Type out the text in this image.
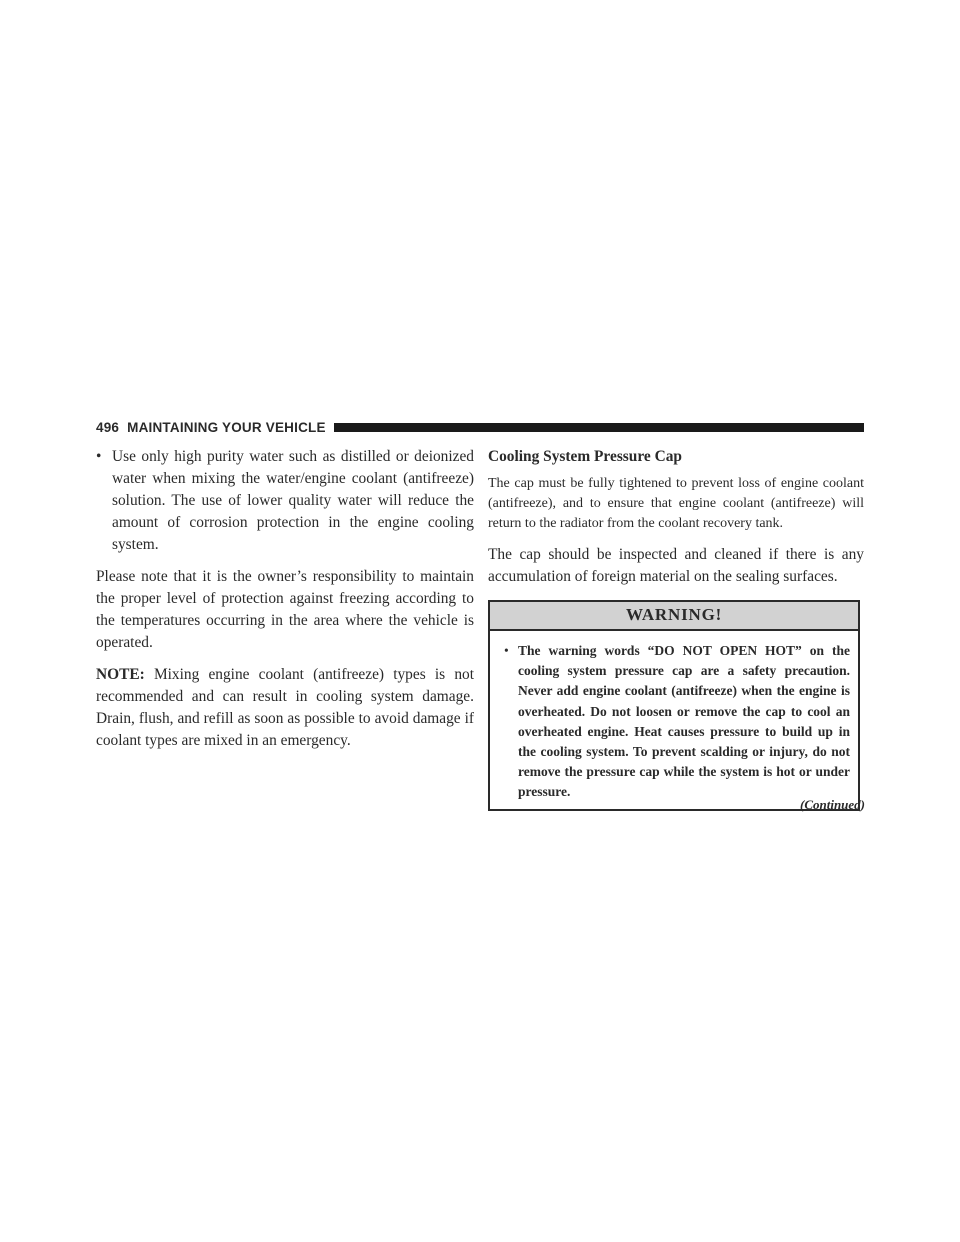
496 MAINTAINING YOUR VEHICLE
• Use only high purity water such as distilled or deionized water when mixing the water/engine coolant (antifreeze) solution. The use of lower quality water will reduce the amount of corrosion protection in the engine cooling system.

Please note that it is the owner’s responsibility to maintain the proper level of protection against freezing according to the temperatures occurring in the area where the vehicle is operated.

NOTE: Mixing engine coolant (antifreeze) types is not recommended and can result in cooling system damage. Drain, flush, and refill as soon as possible to avoid damage if coolant types are mixed in an emergency.

Cooling System Pressure Cap

The cap must be fully tightened to prevent loss of engine coolant (antifreeze), and to ensure that engine coolant (antifreeze) will return to the radiator from the coolant recovery tank.

The cap should be inspected and cleaned if there is any accumulation of foreign material on the sealing surfaces.

WARNING!
• The warning words “DO NOT OPEN HOT” on the cooling system pressure cap are a safety precaution. Never add engine coolant (antifreeze) when the engine is overheated. Do not loosen or remove the cap to cool an overheated engine. Heat causes pressure to build up in the cooling system. To prevent scalding or injury, do not remove the pressure cap while the system is hot or under pressure.

(Continued)
